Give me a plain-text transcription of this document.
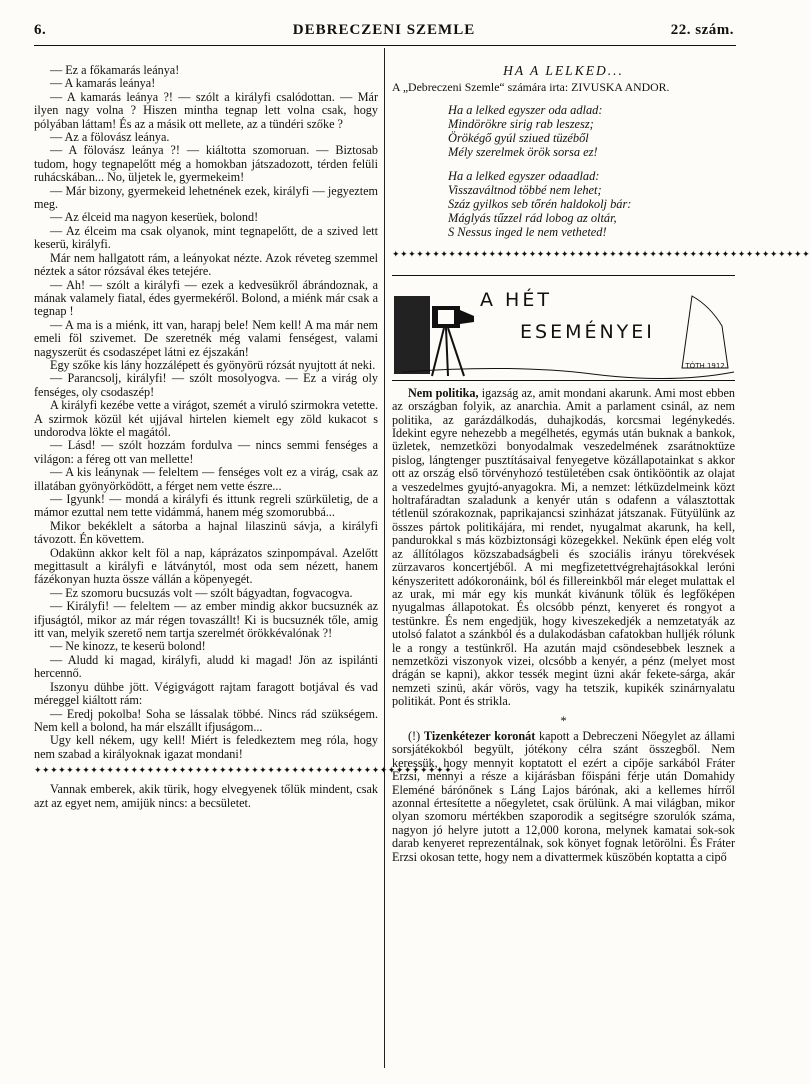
6.	DEBRECZENI SZEMLE	22. szám.

— Ez a főkamarás leánya!

— A kamarás leánya!

— A kamarás leánya ?! — szólt a királyfi csalódottan. — Már ilyen nagy volna ? Hiszen mintha tegnap lett volna csak, hogy pólyában láttam! És az a másik ott mellete, az a tündéri szőke ?

— Az a fölovász leánya.

— A fölovász leánya ?! — kiáltotta szomoruan. — Biztosab tudom, hogy tegnapelőtt még a homokban játszadozott, térden felüli ruhácskában... No, üljetek le, gyermekeim!

— Már bizony, gyermekeid lehetnének ezek, királyfi — jegyeztem meg.

— Az élceid ma nagyon keserüek, bolond!

— Az élceim ma csak olyanok, mint tegnapelőtt, de a szived lett keserü, királyfi.

Már nem hallgatott rám, a leányokat nézte. Azok réveteg szemmel néztek a sátor rózsával ékes tetejére.

— Ah! — szólt a királyfi — ezek a kedvesükről ábrándoznak, a mának valamely fiatal, édes gyermekéről. Bolond, a miénk már csak a tegnap !

— A ma is a miénk, itt van, harapj bele! Nem kell! A ma már nem emeli föl szivemet. De szeretnék még valami fenségest, valami nagyszerüt és csodaszépet látni ez éjszakán!

Egy szőke kis lány hozzálépett és gyönyörü rózsát nyujtott át neki.

— Parancsolj, királyfi! — szólt mosolyogva. — Ez a virág oly fenséges, oly csodaszép!

A királyfi kezébe vette a virágot, szemét a viruló szirmokra vetette. A szirmok közül két ujjával hirtelen kiemelt egy zöld kukacot s undorodva lökte el magától.

— Lásd! — szólt hozzám fordulva — nincs semmi fenséges a világon: a féreg ott van mellette!

— A kis leánynak — feleltem — fenséges volt ez a virág, csak az illatában gyönyörködött, a férget nem vette észre...

— Igyunk! — mondá a királyfi és ittunk regreli szürkületig, de a mámor ezuttal nem tette vidámmá, hanem még szomorubbá...

Mikor bekéklelt a sátorba a hajnal lilaszinü sávja, a királyfi távozott. Én követtem.

Odakünn akkor kelt föl a nap, káprázatos szinpompával. Azelőtt megittasult a királyfi e látványtól, most oda sem nézett, hanem fázékonyan huzta össze vállán a köpenyegét.

— Ez szomoru bucsuzás volt — szólt bágyadtan, fogvacogva.

— Királyfi! — feleltem — az ember mindig akkor bucsuznék az ifjuságtól, mikor az már régen tovaszállt! Ki is bucsuznék tőle, amig itt van, melyik szerető nem tartja szerelmét örökkévalónak ?!

— Ne kinozz, te keserü bolond!

— Aludd ki magad, királyfi, aludd ki magad! Jön az ispilánti hercennő.

Iszonyu dühbe jött. Végigvágott rajtam faragott botjával és vad méreggel kiáltott rám:

— Eredj pokolba! Soha se lássalak többé. Nincs rád szükségem. Nem kell a bolond, ha már elszállt ifjuságom...

Ugy kell nékem, ugy kell! Miért is feledkeztem meg róla, hogy nem szabad a királyoknak igazat mondani!

✦✦✦✦✦✦✦✦✦✦✦✦✦✦✦✦✦✦✦✦✦✦✦✦✦✦✦✦✦✦✦✦✦✦✦✦✦✦✦✦✦✦✦✦✦✦✦✦✦✦✦✦

Vannak emberek, akik türik, hogy elvegyenek tőlük mindent, csak azt az egyet nem, amijük nincs: a becsületet.

HA A LELKED...
A „Debreczeni Szemle“ számára irta: ZIVUSKA ANDOR.
Ha a lelked egyszer oda adlad:
Mindörökre sirig rab leszesz;
Örökégő gyúl sziued tüzéből
Mély szerelmek örök sorsa ez!
Ha a lelked egyszer odaadlad:
Visszaváltnod többé nem lehet;
Száz gyilkos seb tőrén haldokolj bár:
Máglyás tűzzel rád lobog az oltár,
S Nessus inged le nem vetheted!
✦✦✦✦✦✦✦✦✦✦✦✦✦✦✦✦✦✦✦✦✦✦✦✦✦✦✦✦✦✦✦✦✦✦✦✦✦✦✦✦✦✦✦✦✦✦✦✦✦✦✦✦
A HÉT
ESEMÉNYEI
TÓTH 1912.

Nem politika, igazság az, amit mondani akarunk. Ami most ebben az országban folyik, az anarchia. Amit a parlament csinál, az nem politika, az garázdálkodás, duhajkodás, korcsmai legénykedés. Idekint egyre nehezebb a megélhetés, egymás után buknak a bankok, üzletek, nemzetközi bonyodalmak veszedelmének zsarátnoktüze pislog, lángtenger pusztításaival fenyegetve közállapotainkat s akkor ott az ország első törvényhozó testületében csak öntikööntik az olajat a veszedelmes gyujtó-anyagokra. Mi, a nemzet: létküzdelmeink közt holtrafáradtan szaladunk a kenyér után s odafenn a választottak tétlenül szórakoznak, paprikajancsi szinházat játszanak. Fütyülünk az összes pártok politikájára, mi rendet, nyugalmat akarunk, ha kell, pandurokkal s más közbiztonsági közegekkel. Nekünk épen elég volt az állítólagos közszabadságbeli és szociális irányu törekvések zürzavaros koncertjéből. A mi megfizetettvégrehajtásokkal leróni kényszeritett adókoronáink, ból és fillereinkből már eleget mulattak el az urak, mi már egy kis munkát kivánunk tőlük és legfőképen nyugalmas állapotokat. És olcsóbb pénzt, kenyeret és rongyot a testünkre. És nem engedjük, hogy kiveszekedjék a nemzetatyák az utolsó falatot a szánkból és a dulakodásban cafatokban hulljék rólunk le a rongy a testünkről. Ha azután majd csöndesebbek lesznek a nemzetközi viszonyok vizei, olcsóbb a kenyér, a pénz (melyet most drágán se kapni), akkor tessék megint üzni akár fekete-sárga, akár nemzeti szinü, akár vörös, vagy ha tetszik, kupikék szinárnyalatu politikát. Pont és strikla.

*

(!) Tizenkétezer koronát kapott a Debreczeni Nőegylet az állami sorsjátékokból begyült, jótékony célra szánt összegből. Nem keressük, hogy mennyit koptatott el ezért a cipője sarkából Fráter Erzsi, mennyi a része a kijárásban főispáni férje után Domahidy Eleméné bárónőnek s Láng Lajos bárónak, aki a kellemes hírről azonnal értesítette a nőegyletet, csak örülünk. A mai világban, mikor olyan szomoru mértékben szaporodik a segitségre szorulók száma, nagyon jó helyre jutott a 12,000 korona, melynek kamatai sok-sok darab kenyeret reprezentálnak, sok könyet fognak letörölni. És Fráter Erzsi okosan tette, hogy nem a divattermek küszöbén koptatta a cipő
